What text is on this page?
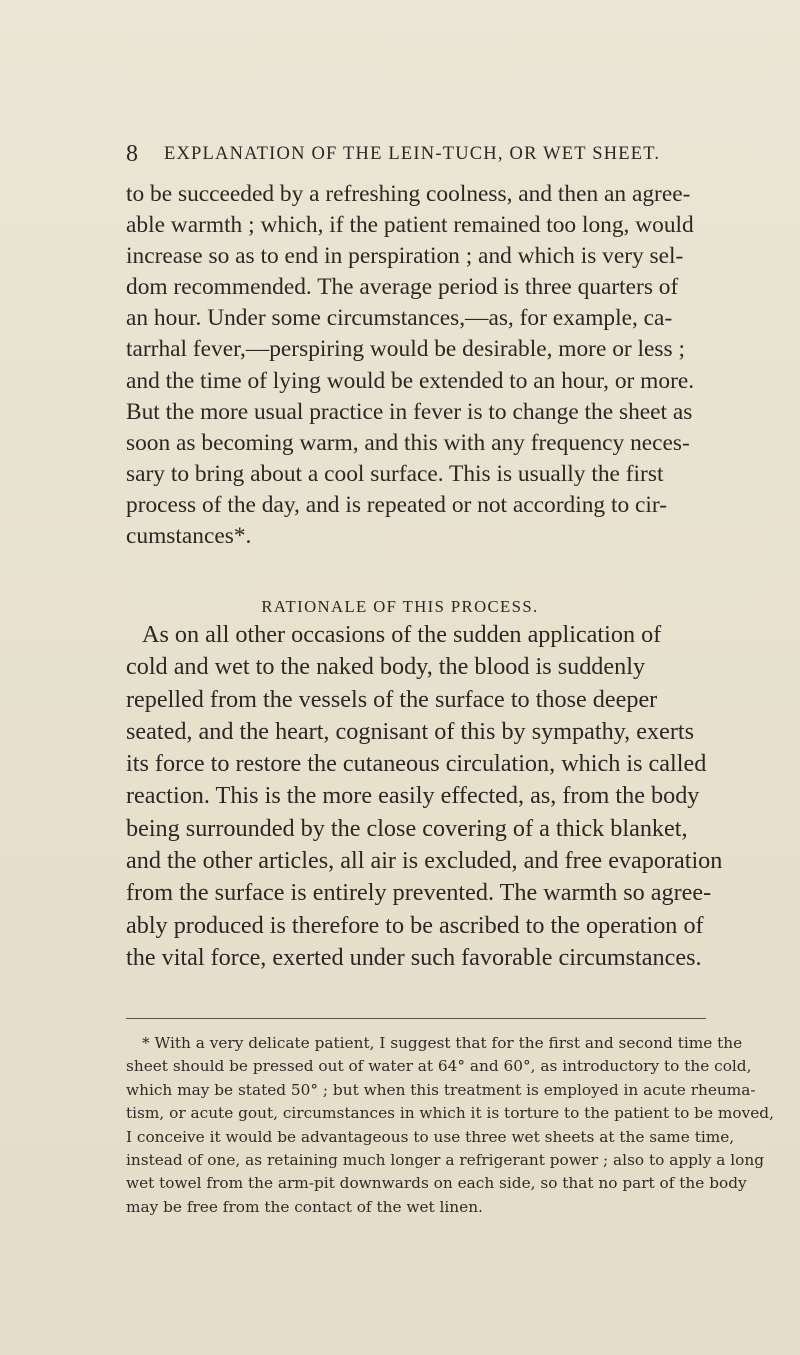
8 EXPLANATION OF THE LEIN-TUCH, OR WET SHEET.
to be succeeded by a refreshing coolness, and then an agree-
able warmth ; which, if the patient remained too long, would
increase so as to end in perspiration ; and which is very sel-
dom recommended. The average period is three quarters of
an hour. Under some circumstances,—as, for example, ca-
tarrhal fever,—perspiring would be desirable, more or less ;
and the time of lying would be extended to an hour, or more.
But the more usual practice in fever is to change the sheet as
soon as becoming warm, and this with any frequency neces-
sary to bring about a cool surface. This is usually the first
process of the day, and is repeated or not according to cir-
cumstances*.
RATIONALE OF THIS PROCESS.
As on all other occasions of the sudden application of
cold and wet to the naked body, the blood is suddenly
repelled from the vessels of the surface to those deeper
seated, and the heart, cognisant of this by sympathy, exerts
its force to restore the cutaneous circulation, which is called
reaction. This is the more easily effected, as, from the body
being surrounded by the close covering of a thick blanket,
and the other articles, all air is excluded, and free evaporation
from the surface is entirely prevented. The warmth so agree-
ably produced is therefore to be ascribed to the operation of
the vital force, exerted under such favorable circumstances.
* With a very delicate patient, I suggest that for the first and second time the
sheet should be pressed out of water at 64° and 60°, as introductory to the cold,
which may be stated 50° ; but when this treatment is employed in acute rheuma-
tism, or acute gout, circumstances in which it is torture to the patient to be moved,
I conceive it would be advantageous to use three wet sheets at the same time,
instead of one, as retaining much longer a refrigerant power ; also to apply a long
wet towel from the arm-pit downwards on each side, so that no part of the body
may be free from the contact of the wet linen.
